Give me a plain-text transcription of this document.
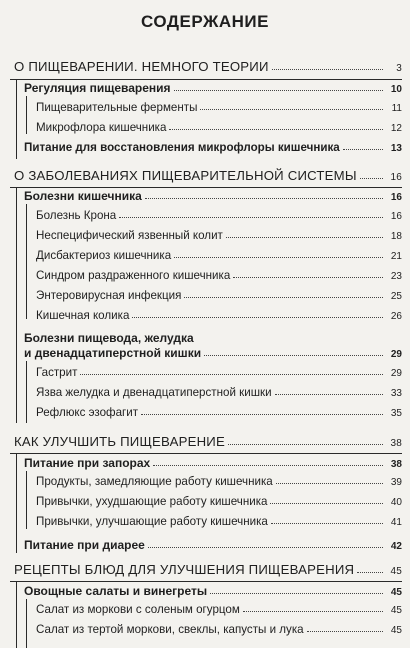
СОДЕРЖАНИЕ
О ПИЩЕВАРЕНИИ. НЕМНОГО ТЕОРИИ	3
Регуляция пищеварения	10
Пищеварительные ферменты	11
Микрофлора кишечника	12
Питание для восстановления микрофлоры кишечника	13
О ЗАБОЛЕВАНИЯХ ПИЩЕВАРИТЕЛЬНОЙ СИСТЕМЫ	16
Болезни кишечника	16
Болезнь Крона	16
Неспецифический язвенный колит	18
Дисбактериоз кишечника	21
Синдром раздраженного кишечника	23
Энтеровирусная инфекция	25
Кишечная колика	26
Болезни пищевода, желудка
и двенадцатиперстной кишки	29
Гастрит	29
Язва желудка и двенадцатиперстной кишки	33
Рефлюкс эзофагит	35
КАК УЛУЧШИТЬ ПИЩЕВАРЕНИЕ	38
Питание при запорах	38
Продукты, замедляющие работу кишечника	39
Привычки, ухудшающие работу кишечника	40
Привычки, улучшающие работу кишечника	41
Питание при диарее	42
РЕЦЕПТЫ БЛЮД ДЛЯ УЛУЧШЕНИЯ ПИЩЕВАРЕНИЯ	45
Овощные салаты и винегреты	45
Салат из моркови с соленым огурцом	45
Салат из тертой моркови, свеклы, капусты и лука	45
